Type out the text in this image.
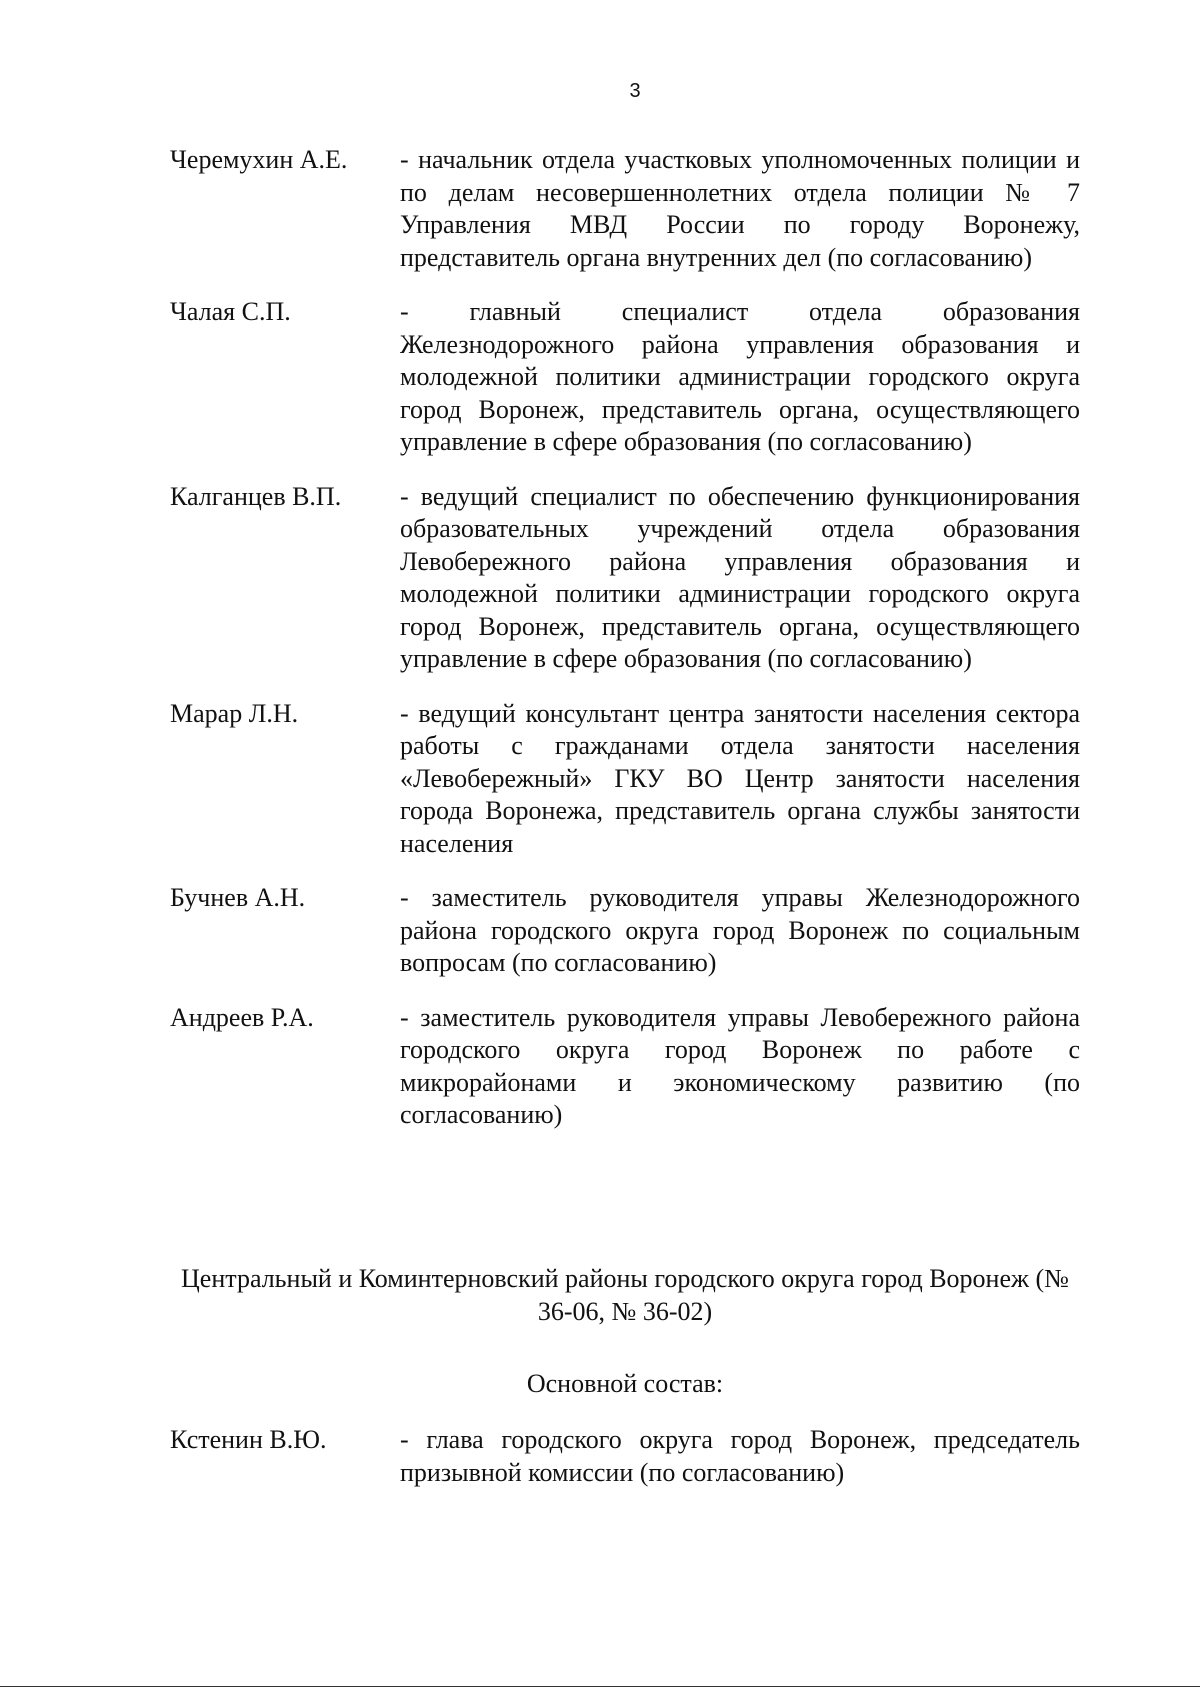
3
Черемухин А.Е.	- начальник отдела участковых уполномоченных полиции и по делам несовершеннолетних отдела полиции № 7 Управления МВД России по городу Воронежу, представитель органа внутренних дел (по согласованию)
Чалая С.П.	- главный специалист отдела образования Железнодорожного района управления образования и молодежной политики администрации городского округа город Воронеж, представитель органа, осуществляющего управление в сфере образования (по согласованию)
Калганцев В.П.	- ведущий специалист по обеспечению функционирования образовательных учреждений отдела образования Левобережного района управления образования и молодежной политики администрации городского округа город Воронеж, представитель органа, осуществляющего управление в сфере образования (по согласованию)
Марар Л.Н.	- ведущий консультант центра занятости населения сектора работы с гражданами отдела занятости населения «Левобережный» ГКУ ВО Центр занятости населения города Воронежа, представитель органа службы занятости населения
Бучнев А.Н.	- заместитель руководителя управы Железнодорожного района городского округа город Воронеж по социальным вопросам (по согласованию)
Андреев Р.А.	- заместитель руководителя управы Левобережного района городского округа город Воронеж по работе с микрорайонами и экономическому развитию (по согласованию)
Центральный и Коминтерновский районы городского округа город Воронеж (№ 36-06, № 36-02)
Основной состав:
Кстенин В.Ю.	- глава городского округа город Воронеж, председатель призывной комиссии (по согласованию)
